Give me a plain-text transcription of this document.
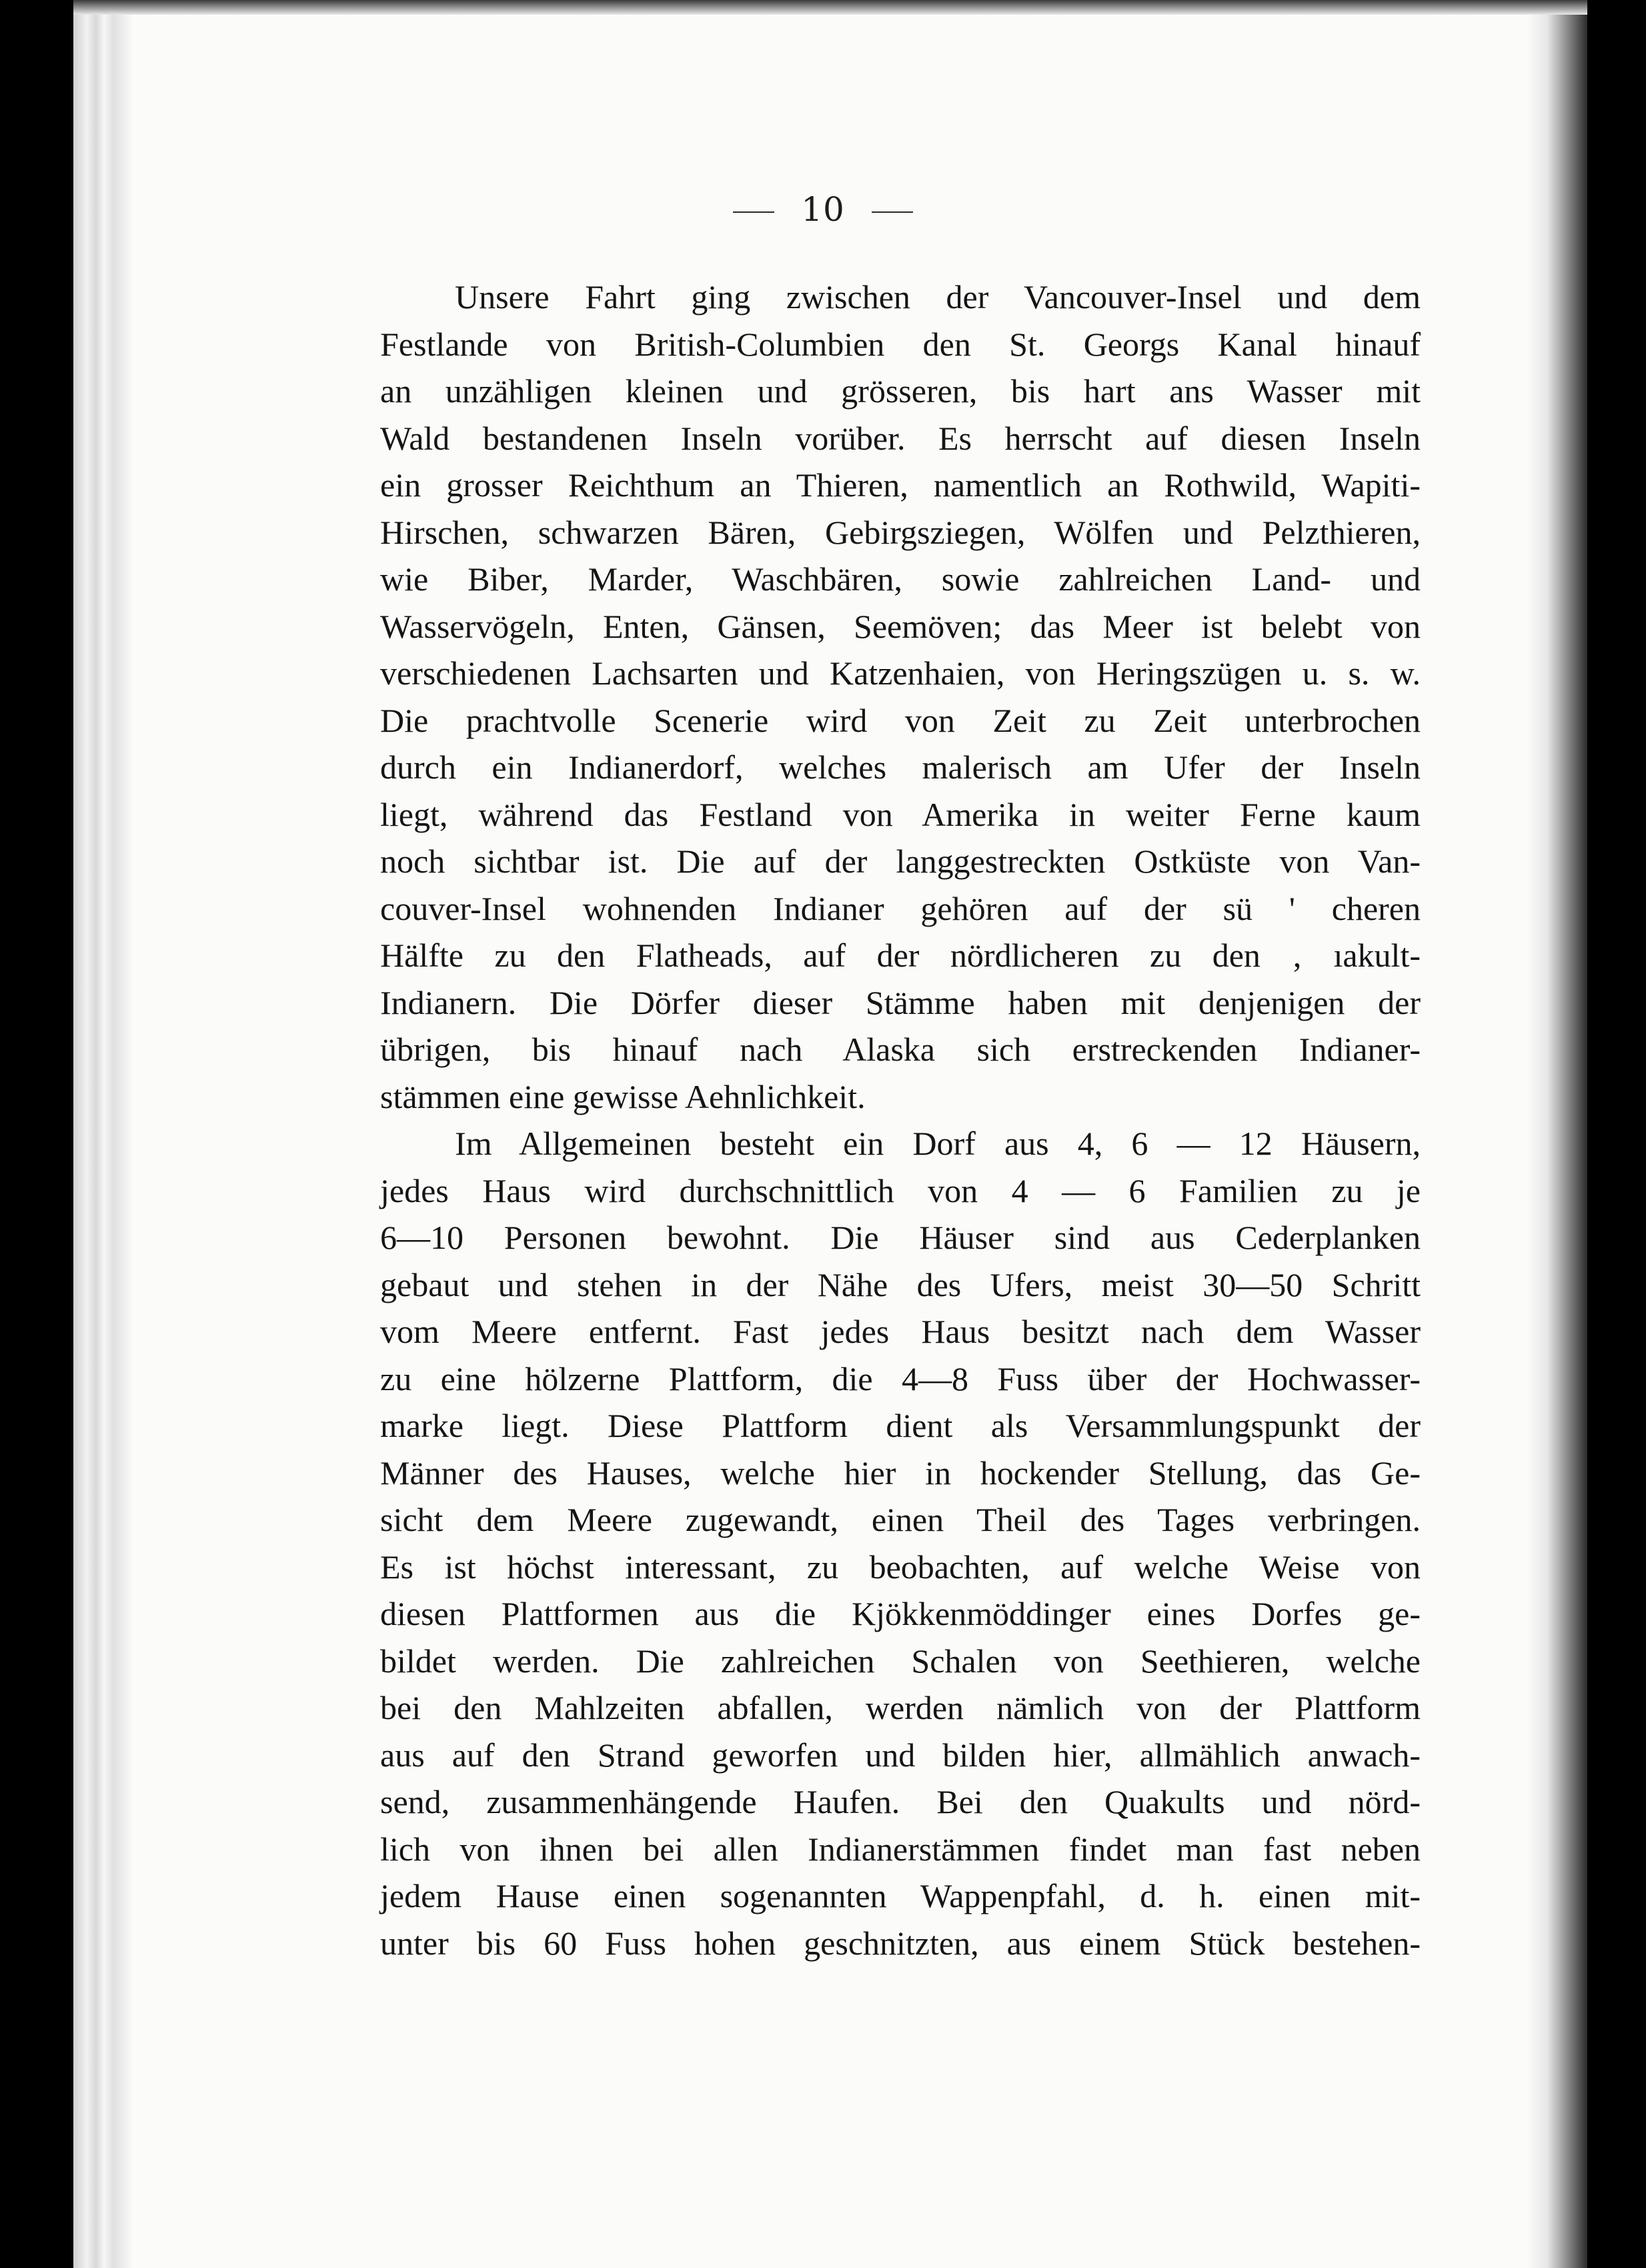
10
Unsere Fahrt ging zwischen der Vancouver-Insel und dem
Festlande von British-Columbien den St. Georgs Kanal hinauf
an unzähligen kleinen und grösseren, bis hart ans Wasser mit
Wald bestandenen Inseln vorüber. Es herrscht auf diesen Inseln
ein grosser Reichthum an Thieren, namentlich an Rothwild, Wapiti-
Hirschen, schwarzen Bären, Gebirgsziegen, Wölfen und Pelzthieren,
wie Biber, Marder, Waschbären, sowie zahlreichen Land- und
Wasservögeln, Enten, Gänsen, Seemöven; das Meer ist belebt von
verschiedenen Lachsarten und Katzenhaien, von Heringszügen u. s. w.
Die prachtvolle Scenerie wird von Zeit zu Zeit unterbrochen
durch ein Indianerdorf, welches malerisch am Ufer der Inseln
liegt, während das Festland von Amerika in weiter Ferne kaum
noch sichtbar ist. Die auf der langgestreckten Ostküste von Van-
couver-Insel wohnenden Indianer gehören auf der sü ' cheren
Hälfte zu den Flatheads, auf der nördlicheren zu den ‚ ıakult-
Indianern. Die Dörfer dieser Stämme haben mit denjenigen der
übrigen, bis hinauf nach Alaska sich erstreckenden Indianer-
stämmen eine gewisse Aehnlichkeit.
Im Allgemeinen besteht ein Dorf aus 4, 6 — 12 Häusern,
jedes Haus wird durchschnittlich von 4 — 6 Familien zu je
6—10 Personen bewohnt. Die Häuser sind aus Cederplanken
gebaut und stehen in der Nähe des Ufers, meist 30—50 Schritt
vom Meere entfernt. Fast jedes Haus besitzt nach dem Wasser
zu eine hölzerne Plattform, die 4—8 Fuss über der Hochwasser-
marke liegt. Diese Plattform dient als Versammlungspunkt der
Männer des Hauses, welche hier in hockender Stellung, das Ge-
sicht dem Meere zugewandt, einen Theil des Tages verbringen.
Es ist höchst interessant, zu beobachten, auf welche Weise von
diesen Plattformen aus die Kjökkenmöddinger eines Dorfes ge-
bildet werden. Die zahlreichen Schalen von Seethieren, welche
bei den Mahlzeiten abfallen, werden nämlich von der Plattform
aus auf den Strand geworfen und bilden hier, allmählich anwach-
send, zusammenhängende Haufen. Bei den Quakults und nörd-
lich von ihnen bei allen Indianerstämmen findet man fast neben
jedem Hause einen sogenannten Wappenpfahl, d. h. einen mit-
unter bis 60 Fuss hohen geschnitzten, aus einem Stück bestehen-
